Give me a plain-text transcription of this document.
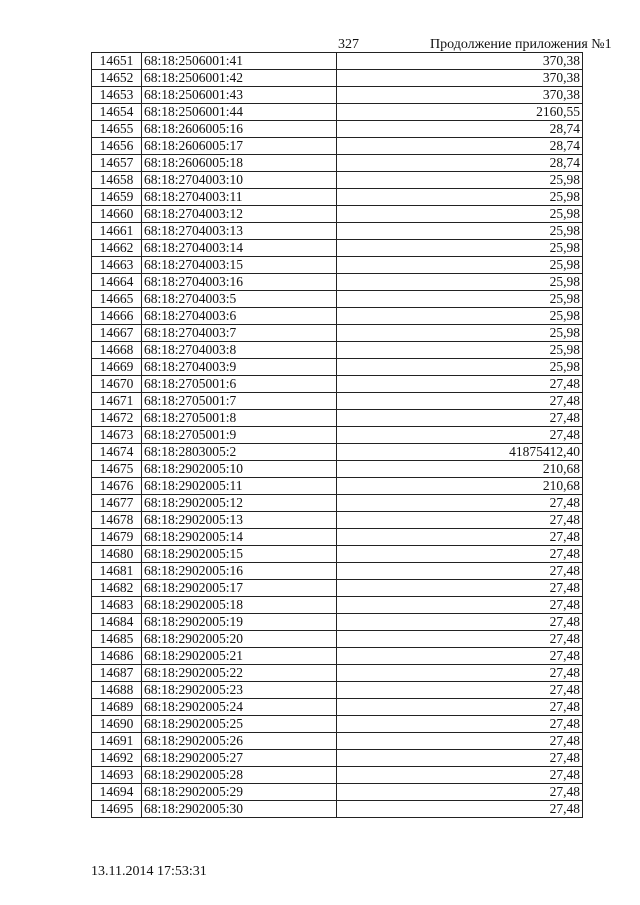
327	Продолжение приложения №1
14651	68:18:2506001:41	370,38
14652	68:18:2506001:42	370,38
14653	68:18:2506001:43	370,38
14654	68:18:2506001:44	2160,55
14655	68:18:2606005:16	28,74
14656	68:18:2606005:17	28,74
14657	68:18:2606005:18	28,74
14658	68:18:2704003:10	25,98
14659	68:18:2704003:11	25,98
14660	68:18:2704003:12	25,98
14661	68:18:2704003:13	25,98
14662	68:18:2704003:14	25,98
14663	68:18:2704003:15	25,98
14664	68:18:2704003:16	25,98
14665	68:18:2704003:5	25,98
14666	68:18:2704003:6	25,98
14667	68:18:2704003:7	25,98
14668	68:18:2704003:8	25,98
14669	68:18:2704003:9	25,98
14670	68:18:2705001:6	27,48
14671	68:18:2705001:7	27,48
14672	68:18:2705001:8	27,48
14673	68:18:2705001:9	27,48
14674	68:18:2803005:2	41875412,40
14675	68:18:2902005:10	210,68
14676	68:18:2902005:11	210,68
14677	68:18:2902005:12	27,48
14678	68:18:2902005:13	27,48
14679	68:18:2902005:14	27,48
14680	68:18:2902005:15	27,48
14681	68:18:2902005:16	27,48
14682	68:18:2902005:17	27,48
14683	68:18:2902005:18	27,48
14684	68:18:2902005:19	27,48
14685	68:18:2902005:20	27,48
14686	68:18:2902005:21	27,48
14687	68:18:2902005:22	27,48
14688	68:18:2902005:23	27,48
14689	68:18:2902005:24	27,48
14690	68:18:2902005:25	27,48
14691	68:18:2902005:26	27,48
14692	68:18:2902005:27	27,48
14693	68:18:2902005:28	27,48
14694	68:18:2902005:29	27,48
14695	68:18:2902005:30	27,48
13.11.2014 17:53:31
